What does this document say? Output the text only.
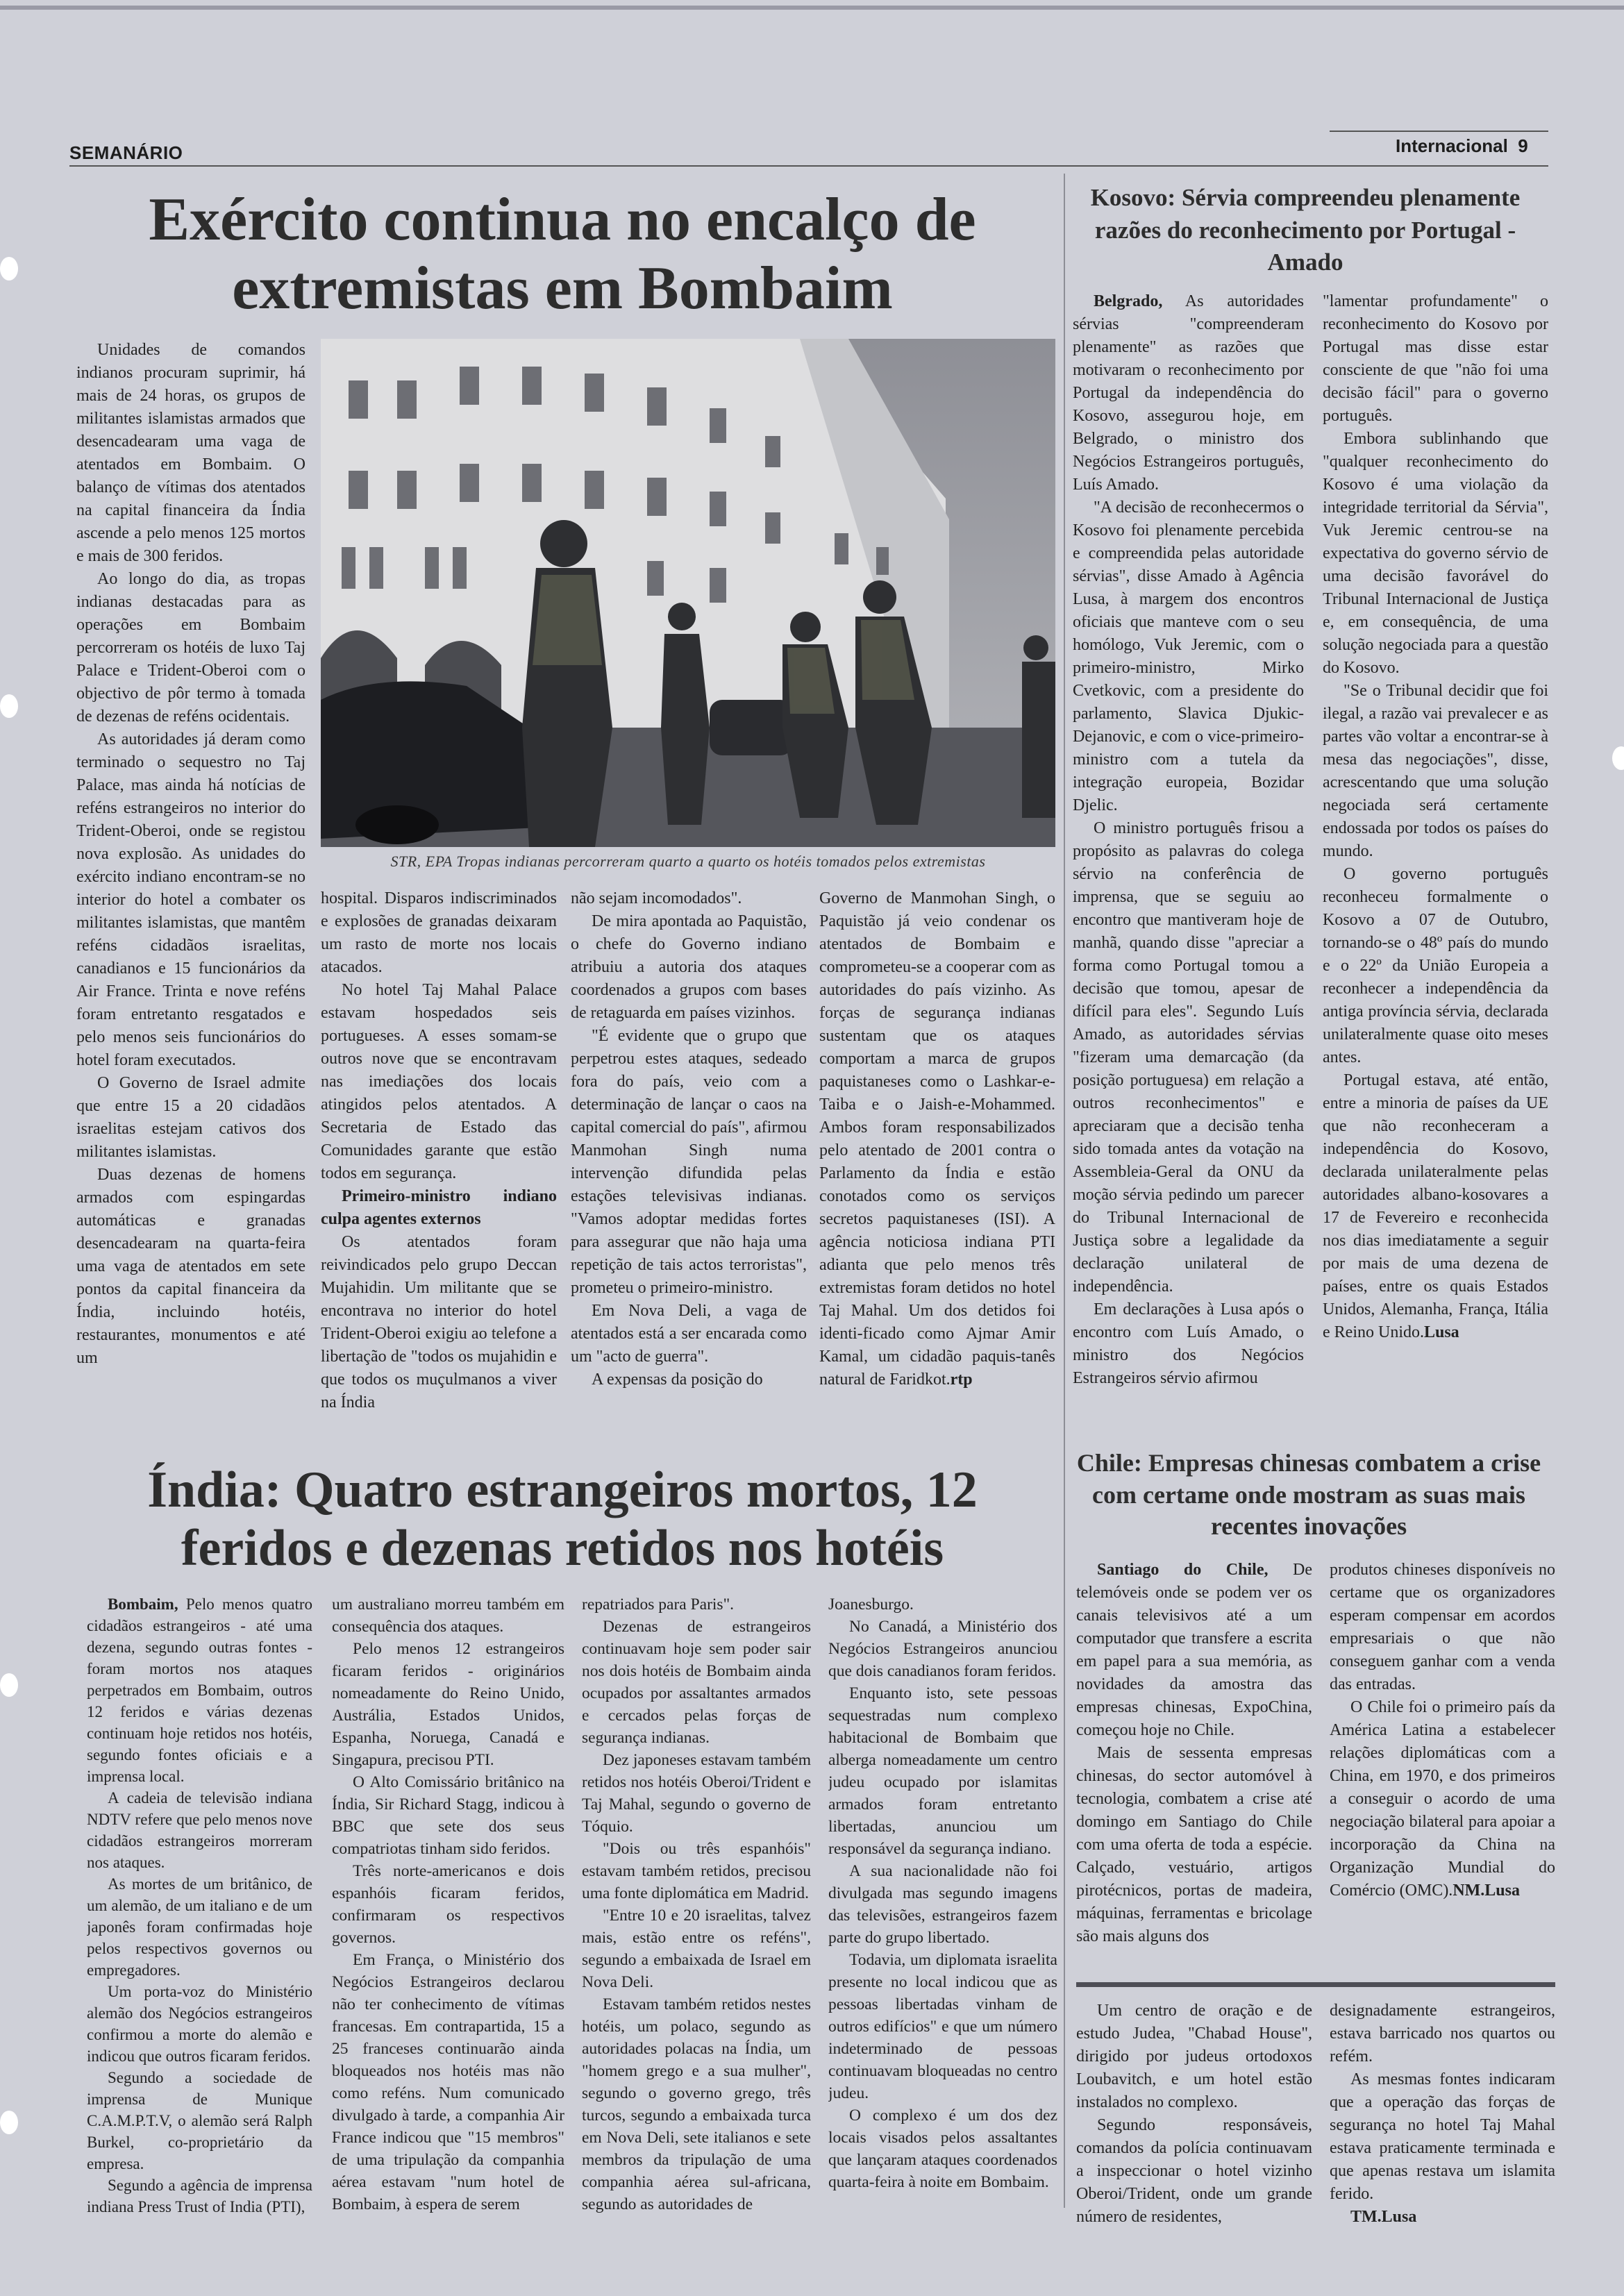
SEMANÁRIO	Internacional 9
Exército continua no encalço de extremistas em Bombaim
STR, EPA Tropas indianas percorreram quarto a quarto os hotéis tomados pelos extremistas
Unidades de comandos indianos procuram suprimir, há mais de 24 horas, os grupos de militantes islamistas armados que desencadearam uma vaga de atentados em Bombaim. O balanço de vítimas dos atentados na capital financeira da Índia ascende a pelo menos 125 mortos e mais de 300 feridos.
Ao longo do dia, as tropas indianas destacadas para as operações em Bombaim percorreram os hotéis de luxo Taj Palace e Trident-Oberoi com o objectivo de pôr termo à tomada de dezenas de reféns ocidentais.
As autoridades já deram como terminado o sequestro no Taj Palace, mas ainda há notícias de reféns estrangeiros no interior do Trident-Oberoi, onde se registou nova explosão. As unidades do exército indiano encontram-se no interior do hotel a combater os militantes islamistas, que mantêm reféns cidadãos israelitas, canadianos e 15 funcionários da Air France. Trinta e nove reféns foram entretanto resgatados e pelo menos seis funcionários do hotel foram executados.
O Governo de Israel admite que entre 15 a 20 cidadãos israelitas estejam cativos dos militantes islamistas.
Duas dezenas de homens armados com espingardas automáticas e granadas desencadearam na quarta-feira uma vaga de atentados em sete pontos da capital financeira da Índia, incluindo hotéis, restaurantes, monumentos e até um
hospital. Disparos indiscriminados e explosões de granadas deixaram um rasto de morte nos locais atacados.
No hotel Taj Mahal Palace estavam hospedados seis portugueses. A esses somam-se outros nove que se encontravam nas imediações dos locais atingidos pelos atentados. A Secretaria de Estado das Comunidades garante que estão todos em segurança.
Primeiro-ministro indiano culpa agentes externos
Os atentados foram reivindicados pelo grupo Deccan Mujahidin. Um militante que se encontrava no interior do hotel Trident-Oberoi exigiu ao telefone a libertação de "todos os mujahidin e que todos os muçulmanos a viver na Índia
não sejam incomodados".
De mira apontada ao Paquistão, o chefe do Governo indiano atribuiu a autoria dos ataques coordenados a grupos com bases de retaguarda em países vizinhos.
"É evidente que o grupo que perpetrou estes ataques, sedeado fora do país, veio com a determinação de lançar o caos na capital comercial do país", afirmou Manmohan Singh numa intervenção difundida pelas estações televisivas indianas. "Vamos adoptar medidas fortes para assegurar que não haja uma repetição de tais actos terroristas", prometeu o primeiro-ministro.
Em Nova Deli, a vaga de atentados está a ser encarada como um "acto de guerra".
A expensas da posição do
Governo de Manmohan Singh, o Paquistão já veio condenar os atentados de Bombaim e comprometeu-se a cooperar com as autoridades do país vizinho. As forças de segurança indianas sustentam que os ataques comportam a marca de grupos paquistaneses como o Lashkar-e-Taiba e o Jaish-e-Mohammed. Ambos foram responsabilizados pelo atentado de 2001 contra o Parlamento da Índia e estão conotados como os serviços secretos paquistaneses (ISI). A agência noticiosa indiana PTI adianta que pelo menos três extremistas foram detidos no hotel Taj Mahal. Um dos detidos foi identi-ficado como Ajmar Amir Kamal, um cidadão paquis-tanês natural de Faridkot.rtp
Kosovo: Sérvia compreendeu plenamente razões do reconhecimento por Portugal - Amado
Belgrado, As autoridades sérvias "compreenderam plenamente" as razões que motivaram o reconhecimento por Portugal da independência do Kosovo, assegurou hoje, em Belgrado, o ministro dos Negócios Estrangeiros português, Luís Amado.
"A decisão de reconhecermos o Kosovo foi plenamente percebida e compreendida pelas autoridade sérvias", disse Amado à Agência Lusa, à margem dos encontros oficiais que manteve com o seu homólogo, Vuk Jeremic, com o primeiro-ministro, Mirko Cvetkovic, com a presidente do parlamento, Slavica Djukic-Dejanovic, e com o vice-primeiro-ministro com a tutela da integração europeia, Bozidar Djelic.
O ministro português frisou a propósito as palavras do colega sérvio na conferência de imprensa, que se seguiu ao encontro que mantiveram hoje de manhã, quando disse "apreciar a forma como Portugal tomou a decisão que tomou, apesar de difícil para eles". Segundo Luís Amado, as autoridades sérvias "fizeram uma demarcação (da posição portuguesa) em relação a outros reconhecimentos" e apreciaram que a decisão tenha sido tomada antes da votação na Assembleia-Geral da ONU da moção sérvia pedindo um parecer do Tribunal Internacional de Justiça sobre a legalidade da declaração unilateral de independência.
Em declarações à Lusa após o encontro com Luís Amado, o ministro dos Negócios Estrangeiros sérvio afirmou
"lamentar profundamente" o reconhecimento do Kosovo por Portugal mas disse estar consciente de que "não foi uma decisão fácil" para o governo português.
Embora sublinhando que "qualquer reconhecimento do Kosovo é uma violação da integridade territorial da Sérvia", Vuk Jeremic centrou-se na expectativa do governo sérvio de uma decisão favorável do Tribunal Internacional de Justiça e, em consequência, de uma solução negociada para a questão do Kosovo.
"Se o Tribunal decidir que foi ilegal, a razão vai prevalecer e as partes vão voltar a encontrar-se à mesa das negociações", disse, acrescentando que uma solução negociada será certamente endossada por todos os países do mundo.
O governo português reconheceu formalmente o Kosovo a 07 de Outubro, tornando-se o 48º país do mundo e o 22º da União Europeia a reconhecer a independência da antiga província sérvia, declarada unilateralmente quase oito meses antes.
Portugal estava, até então, entre a minoria de países da UE que não reconheceram a independência do Kosovo, declarada unilateralmente pelas autoridades albano-kosovares a 17 de Fevereiro e reconhecida nos dias imediatamente a seguir por mais de uma dezena de países, entre os quais Estados Unidos, Alemanha, França, Itália e Reino Unido.Lusa
Índia: Quatro estrangeiros mortos, 12 feridos e dezenas retidos nos hotéis
Bombaim, Pelo menos quatro cidadãos estrangeiros - até uma dezena, segundo outras fontes - foram mortos nos ataques perpetrados em Bombaim, outros 12 feridos e várias dezenas continuam hoje retidos nos hotéis, segundo fontes oficiais e a imprensa local.
A cadeia de televisão indiana NDTV refere que pelo menos nove cidadãos estrangeiros morreram nos ataques.
As mortes de um britânico, de um alemão, de um italiano e de um japonês foram confirmadas hoje pelos respectivos governos ou empregadores.
Um porta-voz do Ministério alemão dos Negócios estrangeiros confirmou a morte do alemão e indicou que outros ficaram feridos.
Segundo a sociedade de imprensa de Munique C.A.M.P.T.V, o alemão será Ralph Burkel, co-proprietário da empresa.
Segundo a agência de imprensa indiana Press Trust of India (PTI),
um australiano morreu também em consequência dos ataques.
Pelo menos 12 estrangeiros ficaram feridos - originários nomeadamente do Reino Unido, Austrália, Estados Unidos, Espanha, Noruega, Canadá e Singapura, precisou PTI.
O Alto Comissário britânico na Índia, Sir Richard Stagg, indicou à BBC que sete dos seus compatriotas tinham sido feridos.
Três norte-americanos e dois espanhóis ficaram feridos, confirmaram os respectivos governos.
Em França, o Ministério dos Negócios Estrangeiros declarou não ter conhecimento de vítimas francesas. Em contrapartida, 15 a 25 franceses continuarão ainda bloqueados nos hotéis mas não como reféns. Num comunicado divulgado à tarde, a companhia Air France indicou que "15 membros" de uma tripulação da companhia aérea estavam "num hotel de Bombaim, à espera de serem
repatriados para Paris".
Dezenas de estrangeiros continuavam hoje sem poder sair nos dois hotéis de Bombaim ainda ocupados por assaltantes armados e cercados pelas forças de segurança indianas.
Dez japoneses estavam também retidos nos hotéis Oberoi/Trident e Taj Mahal, segundo o governo de Tóquio.
"Dois ou três espanhóis" estavam também retidos, precisou uma fonte diplomática em Madrid.
"Entre 10 e 20 israelitas, talvez mais, estão entre os reféns", segundo a embaixada de Israel em Nova Deli.
Estavam também retidos nestes hotéis, um polaco, segundo as autoridades polacas na Índia, um "homem grego e a sua mulher", segundo o governo grego, três turcos, segundo a embaixada turca em Nova Deli, sete italianos e sete membros da tripulação de uma companhia aérea sul-africana, segundo as autoridades de
Joanesburgo.
No Canadá, a Ministério dos Negócios Estrangeiros anunciou que dois canadianos foram feridos.
Enquanto isto, sete pessoas sequestradas num complexo habitacional de Bombaim que alberga nomeadamente um centro judeu ocupado por islamitas armados foram entretanto libertadas, anunciou um responsável da segurança indiano.
A sua nacionalidade não foi divulgada mas segundo imagens das televisões, estrangeiros fazem parte do grupo libertado.
Todavia, um diplomata israelita presente no local indicou que as pessoas libertadas vinham de outros edifícios" e que um número indeterminado de pessoas continuavam bloqueadas no centro judeu.
O complexo é um dos dez locais visados pelos assaltantes que lançaram ataques coordenados quarta-feira à noite em Bombaim.
Um centro de oração e de estudo Judea, "Chabad House", dirigido por judeus ortodoxos Loubavitch, e um hotel estão instalados no complexo.
Segundo responsáveis, comandos da polícia continuavam a inspeccionar o hotel vizinho Oberoi/Trident, onde um grande número de residentes,
designadamente estrangeiros, estava barricado nos quartos ou refém.
As mesmas fontes indicaram que a operação das forças de segurança no hotel Taj Mahal estava praticamente terminada e que apenas restava um islamita ferido.
TM.Lusa
Chile: Empresas chinesas combatem a crise com certame onde mostram as suas mais recentes inovações
Santiago do Chile, De telemóveis onde se podem ver os canais televisivos até a um computador que transfere a escrita em papel para a sua memória, as novidades da amostra das empresas chinesas, ExpoChina, começou hoje no Chile.
Mais de sessenta empresas chinesas, do sector automóvel à tecnologia, combatem a crise até domingo em Santiago do Chile com uma oferta de toda a espécie. Calçado, vestuário, artigos pirotécnicos, portas de madeira, máquinas, ferramentas e bricolage são mais alguns dos
produtos chineses disponíveis no certame que os organizadores esperam compensar em acordos empresariais o que não conseguem ganhar com a venda das entradas.
O Chile foi o primeiro país da América Latina a estabelecer relações diplomáticas com a China, em 1970, e dos primeiros a conseguir o acordo de uma negociação bilateral para apoiar a incorporação da China na Organização Mundial do Comércio (OMC).NM.Lusa
